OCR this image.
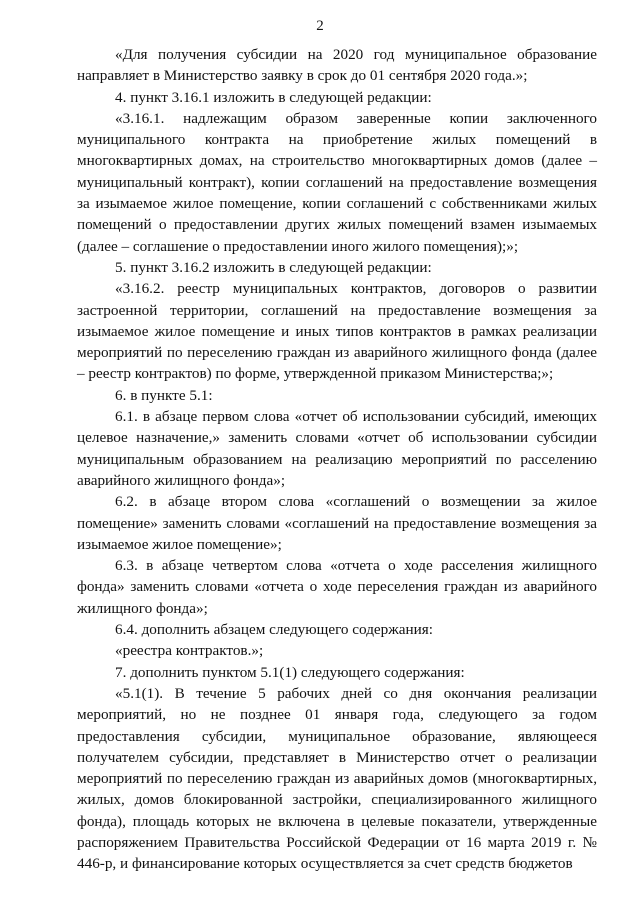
2

«Для получения субсидии на 2020 год муниципальное образование направляет в Министерство заявку в срок до 01 сентября 2020 года.»;

4. пункт 3.16.1 изложить в следующей редакции:

«3.16.1. надлежащим образом заверенные копии заключенного муниципального контракта на приобретение жилых помещений в многоквартирных домах, на строительство многоквартирных домов (далее – муниципальный контракт), копии соглашений на предоставление возмещения за изымаемое жилое помещение, копии соглашений с собственниками жилых помещений о предоставлении других жилых помещений взамен изымаемых (далее – соглашение о предоставлении иного жилого помещения);»;

5. пункт 3.16.2 изложить в следующей редакции:

«3.16.2. реестр муниципальных контрактов, договоров о развитии застроенной территории, соглашений на предоставление возмещения за изымаемое жилое помещение и иных типов контрактов в рамках реализации мероприятий по переселению граждан из аварийного жилищного фонда (далее – реестр контрактов) по форме, утвержденной приказом Министерства;»;

6. в пункте 5.1:

6.1. в абзаце первом слова «отчет об использовании субсидий, имеющих целевое назначение,» заменить словами «отчет об использовании субсидии муниципальным образованием на реализацию мероприятий по расселению аварийного жилищного фонда»;

6.2. в абзаце втором слова «соглашений о возмещении за жилое помещение» заменить словами «соглашений на предоставление возмещения за изымаемое жилое помещение»;

6.3. в абзаце четвертом слова «отчета о ходе расселения жилищного фонда» заменить словами «отчета о ходе переселения граждан из аварийного жилищного фонда»;

6.4. дополнить абзацем следующего содержания:

«реестра контрактов.»;

7. дополнить пунктом 5.1(1) следующего содержания:

«5.1(1). В течение 5 рабочих дней со дня окончания реализации мероприятий, но не позднее 01 января года, следующего за годом предоставления субсидии, муниципальное образование, являющееся получателем субсидии, представляет в Министерство отчет о реализации мероприятий по переселению граждан из аварийных домов (многоквартирных, жилых, домов блокированной застройки, специализированного жилищного фонда), площадь которых не включена в целевые показатели, утвержденные распоряжением Правительства Российской Федерации от 16 марта 2019 г. № 446-р, и финансирование которых осуществляется за счет средств бюджетов
